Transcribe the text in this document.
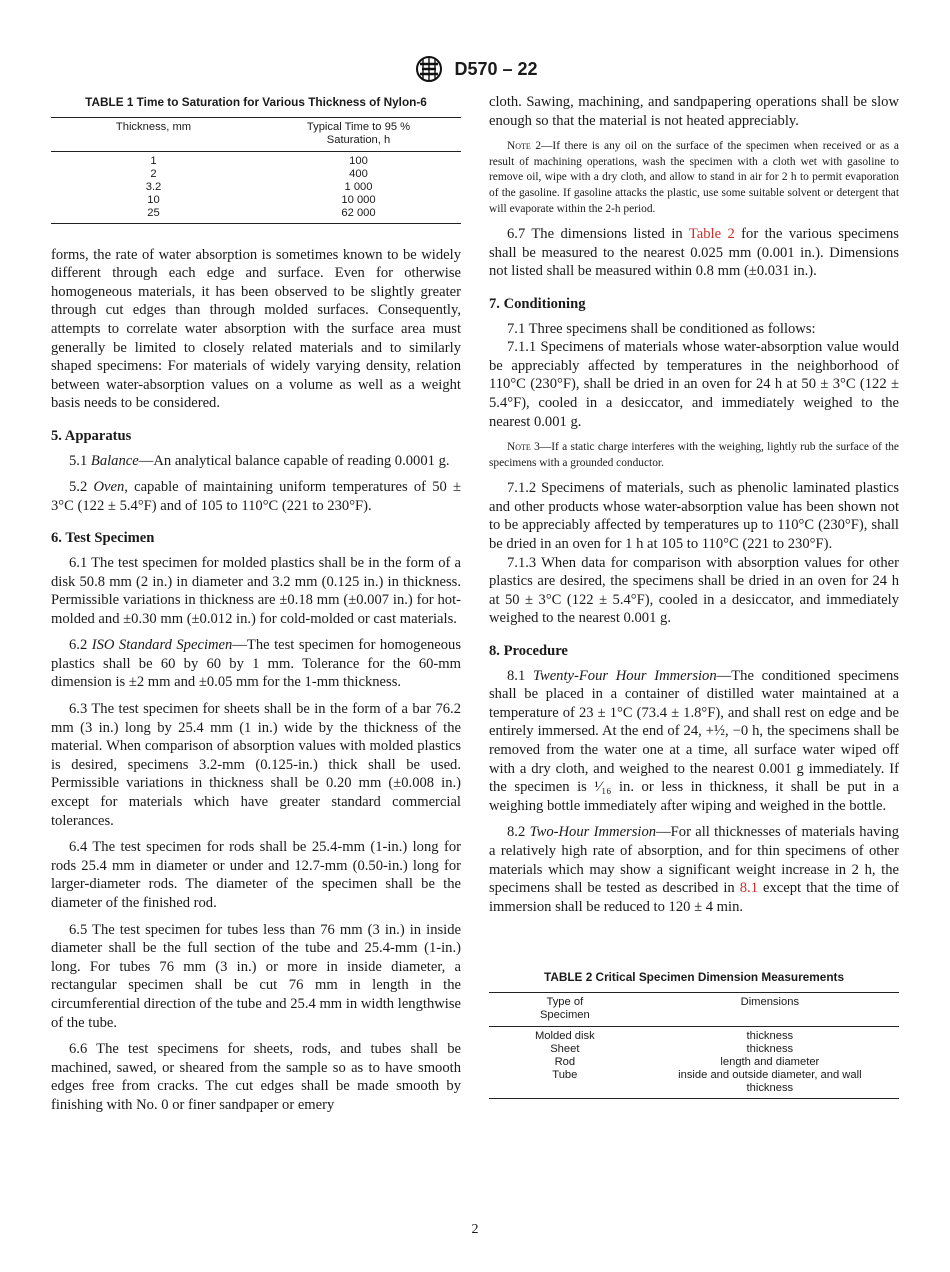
D570 – 22
TABLE 1 Time to Saturation for Various Thickness of Nylon-6
Thickness, mm	Typical Time to 95 % Saturation, h

1	100
2	400
3.2	1 000
10	10 000
25	62 000

forms, the rate of water absorption is sometimes known to be widely different through each edge and surface. Even for otherwise homogeneous materials, it has been observed to be slightly greater through cut edges than through molded surfaces. Consequently, attempts to correlate water absorption with the surface area must generally be limited to closely related materials and to similarly shaped specimens: For materials of widely varying density, relation between water-absorption values on a volume as well as a weight basis needs to be considered.

5. Apparatus

5.1 Balance—An analytical balance capable of reading 0.0001 g.

5.2 Oven, capable of maintaining uniform temperatures of 50 ± 3°C (122 ± 5.4°F) and of 105 to 110°C (221 to 230°F).

6. Test Specimen

6.1 The test specimen for molded plastics shall be in the form of a disk 50.8 mm (2 in.) in diameter and 3.2 mm (0.125 in.) in thickness. Permissible variations in thickness are ±0.18 mm (±0.007 in.) for hot-molded and ±0.30 mm (±0.012 in.) for cold-molded or cast materials.

6.2 ISO Standard Specimen—The test specimen for homogeneous plastics shall be 60 by 60 by 1 mm. Tolerance for the 60-mm dimension is ±2 mm and ±0.05 mm for the 1-mm thickness.

6.3 The test specimen for sheets shall be in the form of a bar 76.2 mm (3 in.) long by 25.4 mm (1 in.) wide by the thickness of the material. When comparison of absorption values with molded plastics is desired, specimens 3.2-mm (0.125-in.) thick shall be used. Permissible variations in thickness shall be 0.20 mm (±0.008 in.) except for materials which have greater standard commercial tolerances.

6.4 The test specimen for rods shall be 25.4-mm (1-in.) long for rods 25.4 mm in diameter or under and 12.7-mm (0.50-in.) long for larger-diameter rods. The diameter of the specimen shall be the diameter of the finished rod.

6.5 The test specimen for tubes less than 76 mm (3 in.) in inside diameter shall be the full section of the tube and 25.4-mm (1-in.) long. For tubes 76 mm (3 in.) or more in inside diameter, a rectangular specimen shall be cut 76 mm in length in the circumferential direction of the tube and 25.4 mm in width lengthwise of the tube.

6.6 The test specimens for sheets, rods, and tubes shall be machined, sawed, or sheared from the sample so as to have smooth edges free from cracks. The cut edges shall be made smooth by finishing with No. 0 or finer sandpaper or emery

cloth. Sawing, machining, and sandpapering operations shall be slow enough so that the material is not heated appreciably.

Note 2—If there is any oil on the surface of the specimen when received or as a result of machining operations, wash the specimen with a cloth wet with gasoline to remove oil, wipe with a dry cloth, and allow to stand in air for 2 h to permit evaporation of the gasoline. If gasoline attacks the plastic, use some suitable solvent or detergent that will evaporate within the 2-h period.

6.7 The dimensions listed in Table 2 for the various specimens shall be measured to the nearest 0.025 mm (0.001 in.). Dimensions not listed shall be measured within 0.8 mm (±0.031 in.).

7. Conditioning

7.1 Three specimens shall be conditioned as follows:

7.1.1 Specimens of materials whose water-absorption value would be appreciably affected by temperatures in the neighborhood of 110°C (230°F), shall be dried in an oven for 24 h at 50 ± 3°C (122 ± 5.4°F), cooled in a desiccator, and immediately weighed to the nearest 0.001 g.

Note 3—If a static charge interferes with the weighing, lightly rub the surface of the specimens with a grounded conductor.

7.1.2 Specimens of materials, such as phenolic laminated plastics and other products whose water-absorption value has been shown not to be appreciably affected by temperatures up to 110°C (230°F), shall be dried in an oven for 1 h at 105 to 110°C (221 to 230°F).

7.1.3 When data for comparison with absorption values for other plastics are desired, the specimens shall be dried in an oven for 24 h at 50 ± 3°C (122 ± 5.4°F), cooled in a desiccator, and immediately weighed to the nearest 0.001 g.

8. Procedure

8.1 Twenty-Four Hour Immersion—The conditioned specimens shall be placed in a container of distilled water maintained at a temperature of 23 ± 1°C (73.4 ± 1.8°F), and shall rest on edge and be entirely immersed. At the end of 24, +½, −0 h, the specimens shall be removed from the water one at a time, all surface water wiped off with a dry cloth, and weighed to the nearest 0.001 g immediately. If the specimen is ¹⁄₁₆ in. or less in thickness, it shall be put in a weighing bottle immediately after wiping and weighed in the bottle.

8.2 Two-Hour Immersion—For all thicknesses of materials having a relatively high rate of absorption, and for thin specimens of other materials which may show a significant weight increase in 2 h, the specimens shall be tested as described in 8.1 except that the time of immersion shall be reduced to 120 ± 4 min.

TABLE 2 Critical Specimen Dimension Measurements
Type of Specimen	Dimensions
Molded disk	thickness
Sheet	thickness
Rod	length and diameter
Tube	inside and outside diameter, and wall thickness
2
